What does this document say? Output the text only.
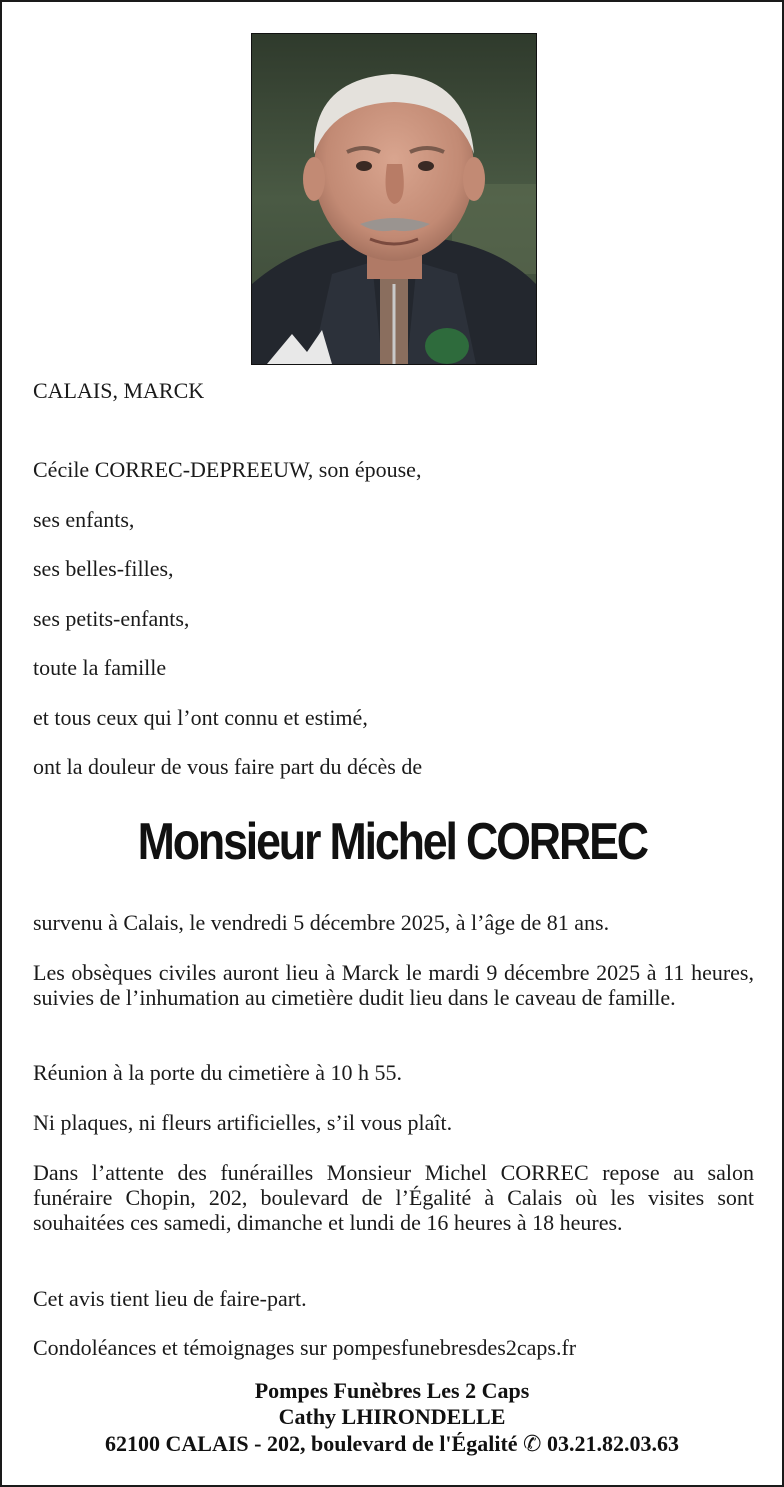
CALAIS, MARCK
Cécile CORREC-DEPREEUW, son épouse,
ses enfants,
ses belles-filles,
ses petits-enfants,
toute la famille
et tous ceux qui l’ont connu et estimé,
ont la douleur de vous faire part du décès de
Monsieur Michel CORREC
survenu à Calais, le vendredi 5 décembre 2025, à l’âge de 81 ans.
Les obsèques civiles auront lieu à Marck le mardi 9 décembre 2025 à 11 heures, suivies de l’inhumation au cimetière dudit lieu dans le caveau de famille.
Réunion à la porte du cimetière à 10 h 55.
Ni plaques, ni fleurs artificielles, s’il vous plaît.
Dans l’attente des funérailles Monsieur Michel CORREC repose au salon funéraire Chopin, 202, boulevard de l’Égalité à Calais où les visites sont souhaitées ces samedi, dimanche et lundi de 16 heures à 18 heures.
Cet avis tient lieu de faire-part.
Condoléances et témoignages sur pompesfunebresdes2caps.fr
Pompes Funèbres Les 2 Caps
Cathy LHIRONDELLE
62100 CALAIS - 202, boulevard de l'Égalité ✆ 03.21.82.03.63
